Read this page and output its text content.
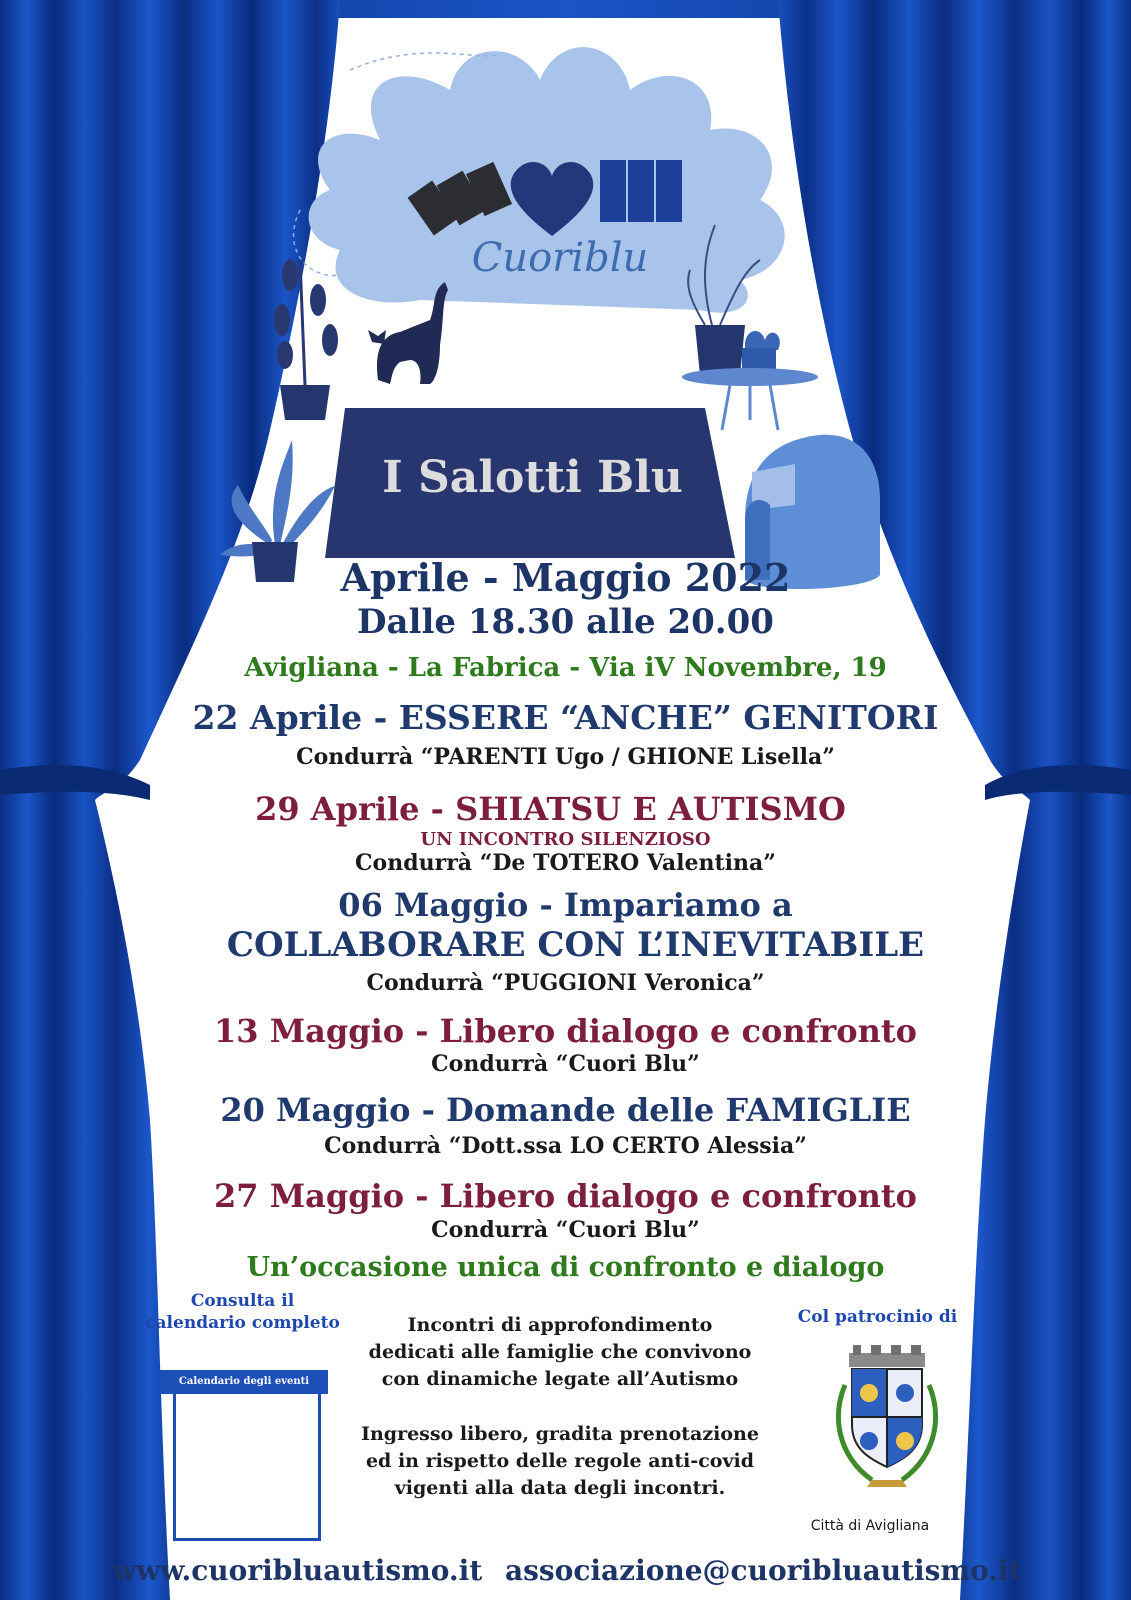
Cuoriblu
I Salotti Blu
Aprile - Maggio 2022
Dalle 18.30 alle 20.00
Avigliana - La Fabrica - Via iV Novembre, 19
22 Aprile - ESSERE “ANCHE” GENITORI
Condurrà “PARENTI Ugo / GHIONE Lisella”
29 Aprile - SHIATSU E AUTISMO
UN INCONTRO SILENZIOSO
Condurrà “De TOTERO Valentina”
06 Maggio - Impariamo a
COLLABORARE CON L’INEVITABILE
Condurrà “PUGGIONI Veronica”
13 Maggio - Libero dialogo e confronto
Condurrà “Cuori Blu”
20 Maggio - Domande delle FAMIGLIE
Condurrà “Dott.ssa LO CERTO Alessia”
27 Maggio - Libero dialogo e confronto
Condurrà “Cuori Blu”
Un’occasione unica di confronto e dialogo
Consulta il
calendario completo
Calendario degli eventi
Incontri di approfondimento
dedicati alle famiglie che convivono
con dinamiche legate all’Autismo
Ingresso libero, gradita prenotazione
ed in rispetto delle regole anti-covid
vigenti alla data degli incontri.
Col patrocinio di
Città di Avigliana
www.cuoribluautismo.it associazione@cuoribluautismo.it
